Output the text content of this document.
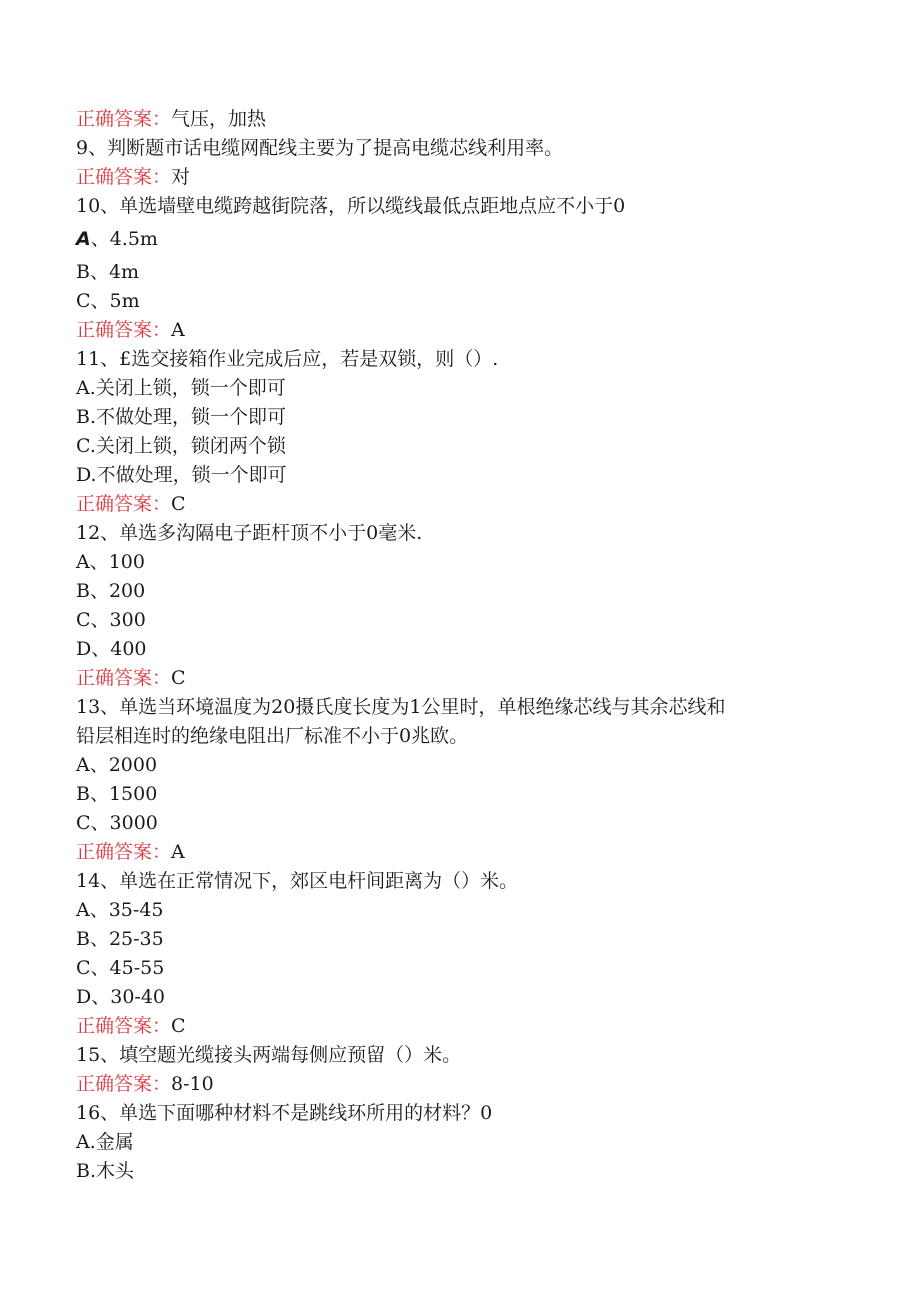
正确答案：气压，加热
9、判断题市话电缆网配线主要为了提高电缆芯线利用率。
正确答案：对
10、单选墙壁电缆跨越街院落，所以缆线最低点距地点应不小于0
A、4.5m
B、4m
C、5m
正确答案：A
11、£选交接箱作业完成后应，若是双锁，则（）.
A.关闭上锁，锁一个即可
B.不做处理，锁一个即可
C.关闭上锁，锁闭两个锁
D.不做处理，锁一个即可
正确答案：C
12、单选多沟隔电子距杆顶不小于0毫米.
A、100
B、200
C、300
D、400
正确答案：C
13、单选当环境温度为20摄氏度长度为1公里时，单根绝缘芯线与其余芯线和
铅层相连时的绝缘电阻出厂标准不小于0兆欧。
A、2000
B、1500
C、3000
正确答案：A
14、单选在正常情况下，郊区电杆间距离为（）米。
A、35-45
B、25-35
C、45-55
D、30-40
正确答案：C
15、填空题光缆接头两端每侧应预留（）米。
正确答案：8-10
16、单选下面哪种材料不是跳线环所用的材料？0
A.金属
B.木头
